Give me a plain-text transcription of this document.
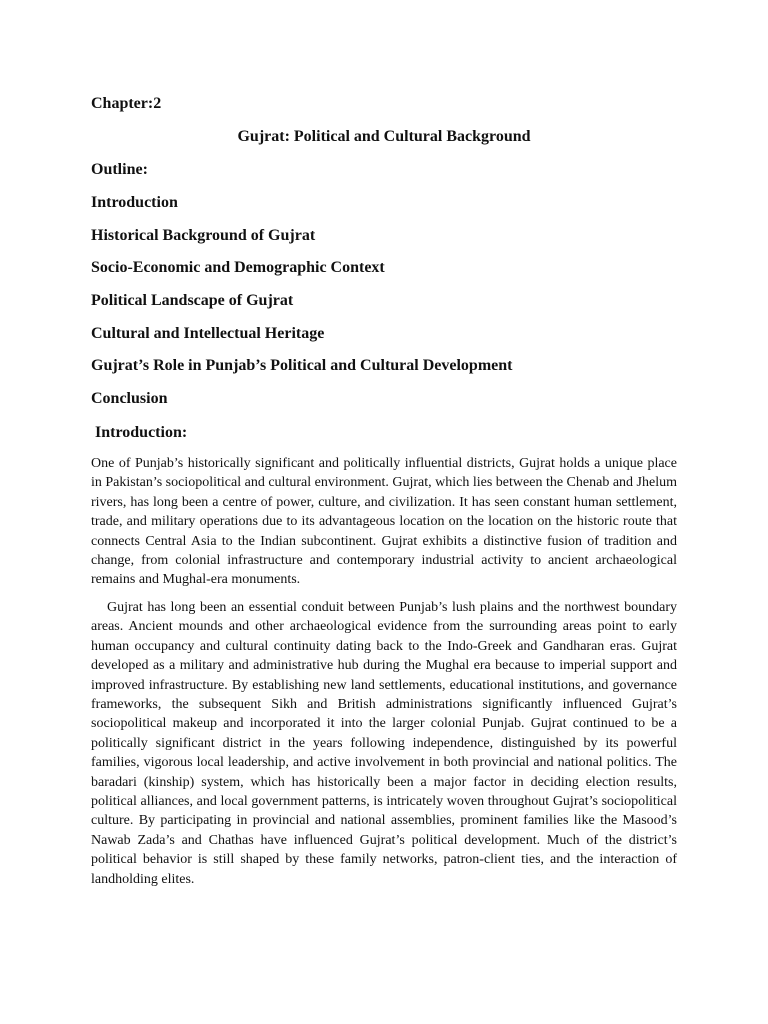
Chapter:2

Gujrat: Political and Cultural Background

Outline:

Introduction
Historical Background of Gujrat
Socio-Economic and Demographic Context
Political Landscape of Gujrat
Cultural and Intellectual Heritage
Gujrat’s Role in Punjab’s Political and Cultural Development
Conclusion

Introduction:

One of Punjab’s historically significant and politically influential districts, Gujrat holds a unique place in Pakistan’s sociopolitical and cultural environment. Gujrat, which lies between the Chenab and Jhelum rivers, has long been a centre of power, culture, and civilization. It has seen constant human settlement, trade, and military operations due to its advantageous location on the location on the historic route that connects Central Asia to the Indian subcontinent. Gujrat exhibits a distinctive fusion of tradition and change, from colonial infrastructure and contemporary industrial activity to ancient archaeological remains and Mughal-era monuments.

Gujrat has long been an essential conduit between Punjab’s lush plains and the northwest boundary areas. Ancient mounds and other archaeological evidence from the surrounding areas point to early human occupancy and cultural continuity dating back to the Indo-Greek and Gandharan eras. Gujrat developed as a military and administrative hub during the Mughal era because to imperial support and improved infrastructure. By establishing new land settlements, educational institutions, and governance frameworks, the subsequent Sikh and British administrations significantly influenced Gujrat’s sociopolitical makeup and incorporated it into the larger colonial Punjab. Gujrat continued to be a politically significant district in the years following independence, distinguished by its powerful families, vigorous local leadership, and active involvement in both provincial and national politics. The baradari (kinship) system, which has historically been a major factor in deciding election results, political alliances, and local government patterns, is intricately woven throughout Gujrat’s sociopolitical culture. By participating in provincial and national assemblies, prominent families like the Masood’s Nawab Zada’s and Chathas have influenced Gujrat’s political development. Much of the district’s political behavior is still shaped by these family networks, patron-client ties, and the interaction of landholding elites.
